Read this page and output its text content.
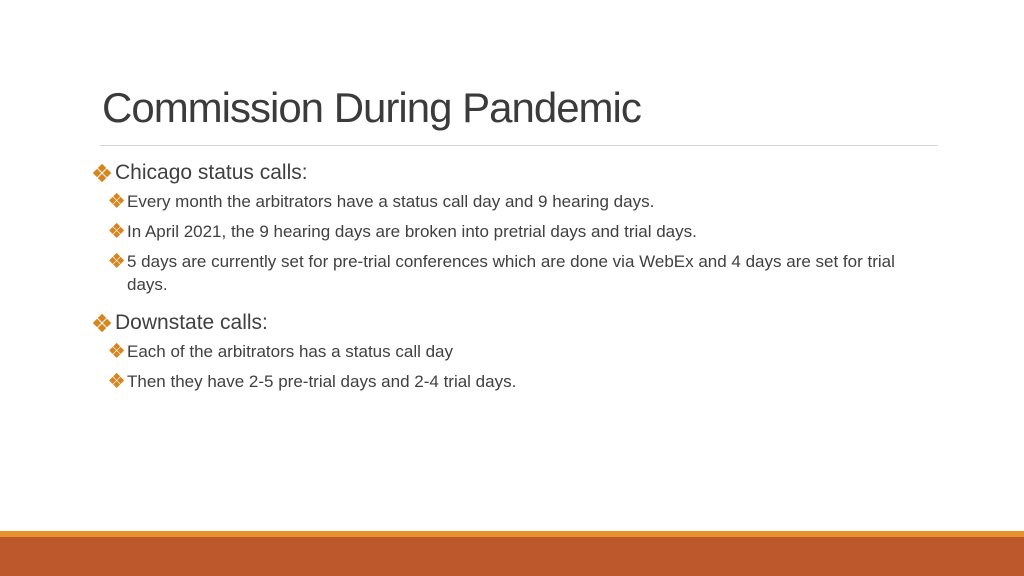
Commission During Pandemic
Chicago status calls:
Every month the arbitrators have a status call day and 9 hearing days.
In April 2021, the 9 hearing days are broken into pretrial days and trial days.
5 days are currently set for pre-trial conferences which are done via WebEx and 4 days are set for trial days.
Downstate calls:
Each of the arbitrators has a status call day
Then they have 2-5 pre-trial days and 2-4 trial days.
